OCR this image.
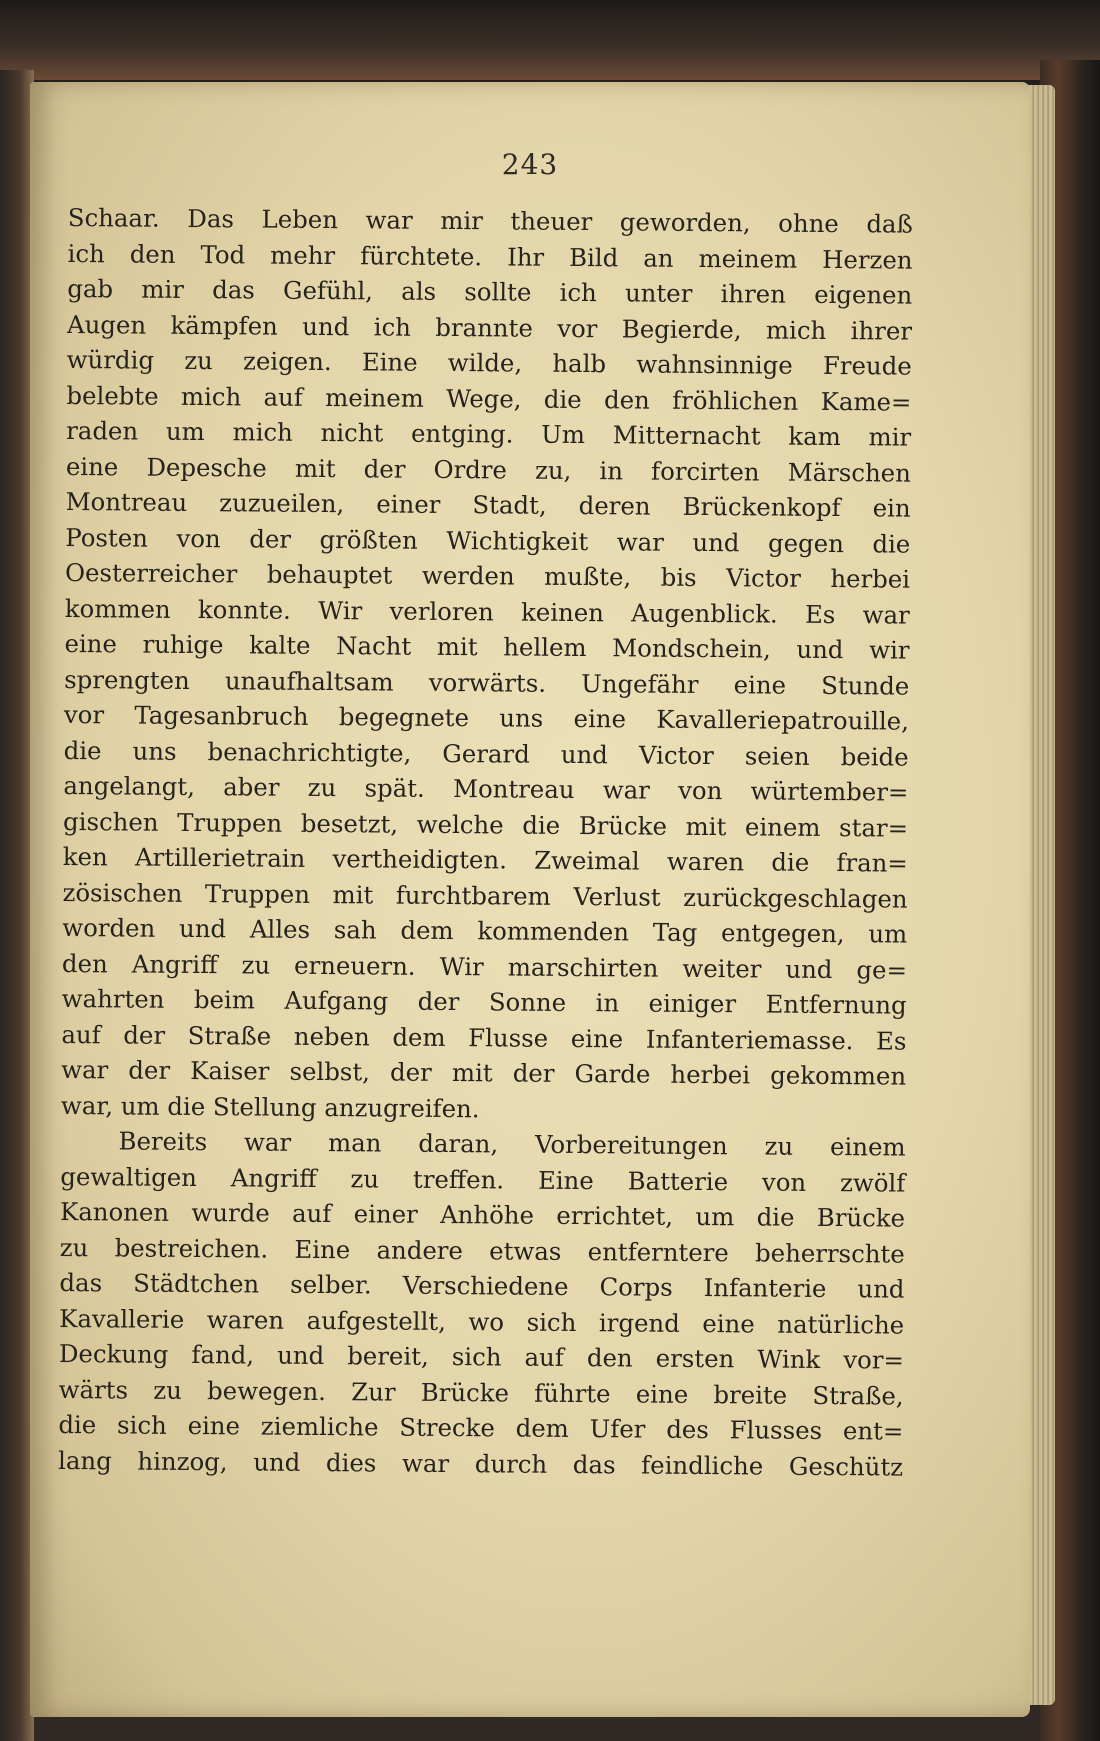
243
Schaar. Das Leben war mir theuer geworden, ohne daß
ich den Tod mehr fürchtete. Ihr Bild an meinem Herzen
gab mir das Gefühl, als sollte ich unter ihren eigenen
Augen kämpfen und ich brannte vor Begierde, mich ihrer
würdig zu zeigen. Eine wilde, halb wahnsinnige Freude
belebte mich auf meinem Wege, die den fröhlichen Kame=
raden um mich nicht entging. Um Mitternacht kam mir
eine Depesche mit der Ordre zu, in forcirten Märschen
Montreau zuzueilen, einer Stadt, deren Brückenkopf ein
Posten von der größten Wichtigkeit war und gegen die
Oesterreicher behauptet werden mußte, bis Victor herbei
kommen konnte. Wir verloren keinen Augenblick. Es war
eine ruhige kalte Nacht mit hellem Mondschein, und wir
sprengten unaufhaltsam vorwärts. Ungefähr eine Stunde
vor Tagesanbruch begegnete uns eine Kavalleriepatrouille,
die uns benachrichtigte, Gerard und Victor seien beide
angelangt, aber zu spät. Montreau war von würtember=
gischen Truppen besetzt, welche die Brücke mit einem star=
ken Artillerietrain vertheidigten. Zweimal waren die fran=
zösischen Truppen mit furchtbarem Verlust zurückgeschlagen
worden und Alles sah dem kommenden Tag entgegen, um
den Angriff zu erneuern. Wir marschirten weiter und ge=
wahrten beim Aufgang der Sonne in einiger Entfernung
auf der Straße neben dem Flusse eine Infanteriemasse. Es
war der Kaiser selbst, der mit der Garde herbei gekommen
war, um die Stellung anzugreifen.
Bereits war man daran, Vorbereitungen zu einem
gewaltigen Angriff zu treffen. Eine Batterie von zwölf
Kanonen wurde auf einer Anhöhe errichtet, um die Brücke
zu bestreichen. Eine andere etwas entferntere beherrschte
das Städtchen selber. Verschiedene Corps Infanterie und
Kavallerie waren aufgestellt, wo sich irgend eine natürliche
Deckung fand, und bereit, sich auf den ersten Wink vor=
wärts zu bewegen. Zur Brücke führte eine breite Straße,
die sich eine ziemliche Strecke dem Ufer des Flusses ent=
lang hinzog, und dies war durch das feindliche Geschütz
